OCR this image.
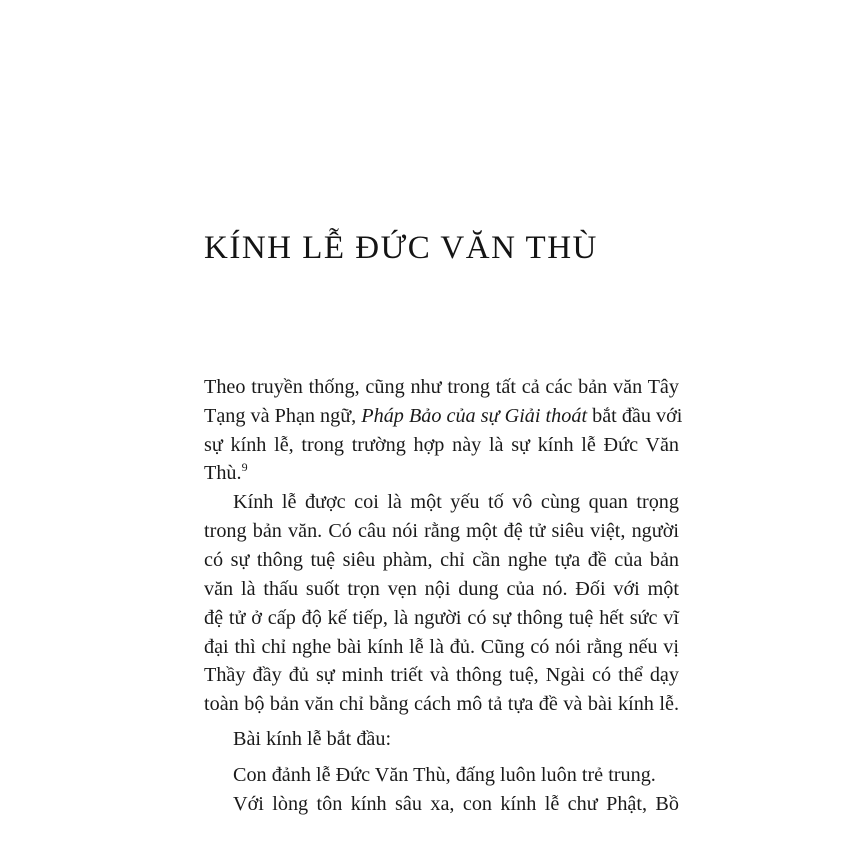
KÍNH LỄ ĐỨC VĂN THÙ

Theo truyền thống, cũng như trong tất cả các bản văn Tây

Tạng và Phạn ngữ, Pháp Bảo của sự Giải thoát bắt đầu với

sự kính lễ, trong trường hợp này là sự kính lễ Đức Văn

Thù.$^9$

Kính lễ được coi là một yếu tố vô cùng quan trọng

trong bản văn. Có câu nói rằng một đệ tử siêu việt, người

có sự thông tuệ siêu phàm, chỉ cần nghe tựa đề của bản

văn là thấu suốt trọn vẹn nội dung của nó. Đối với một

đệ tử ở cấp độ kế tiếp, là người có sự thông tuệ hết sức vĩ

đại thì chỉ nghe bài kính lễ là đủ. Cũng có nói rằng nếu vị

Thầy đầy đủ sự minh triết và thông tuệ, Ngài có thể dạy

toàn bộ bản văn chỉ bằng cách mô tả tựa đề và bài kính lễ.

Bài kính lễ bắt đầu:

Con đảnh lễ Đức Văn Thù, đấng luôn luôn trẻ trung.

Với lòng tôn kính sâu xa, con kính lễ chư Phật, Bồ
